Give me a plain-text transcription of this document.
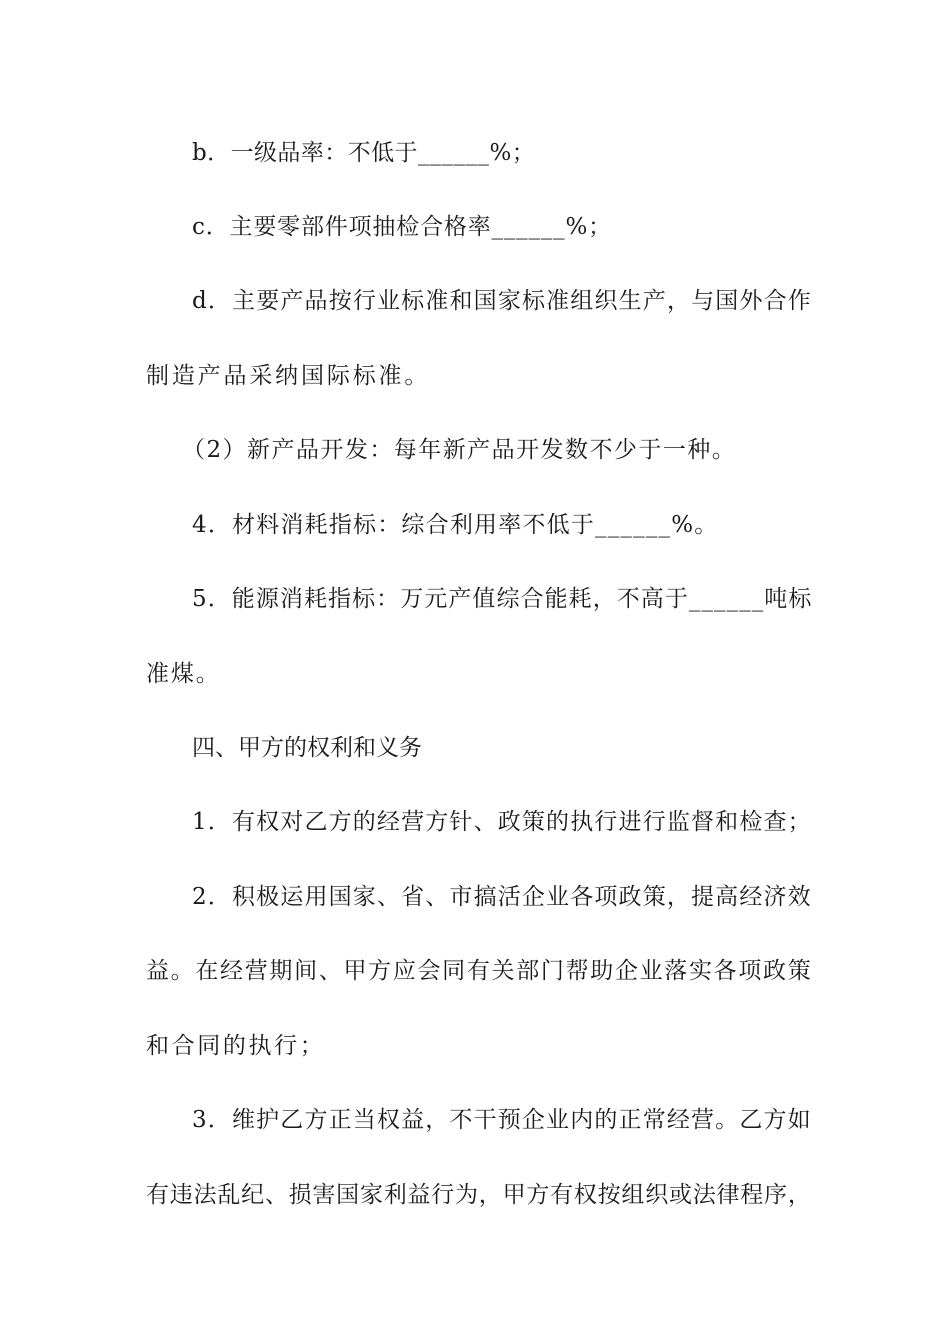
b．一级品率：不低于______%；
c．主要零部件项抽检合格率______%；
d．主要产品按行业标准和国家标准组织生产，与国外合作
制造产品采纳国际标准。
（2）新产品开发：每年新产品开发数不少于一种。
4．材料消耗指标：综合利用率不低于______%。
5．能源消耗指标：万元产值综合能耗，不高于______吨标
准煤。
四、甲方的权利和义务
1．有权对乙方的经营方针、政策的执行进行监督和检查；
2．积极运用国家、省、市搞活企业各项政策，提高经济效
益。在经营期间、甲方应会同有关部门帮助企业落实各项政策
和合同的执行；
3．维护乙方正当权益，不干预企业内的正常经营。乙方如
有违法乱纪、损害国家利益行为，甲方有权按组织或法律程序，
